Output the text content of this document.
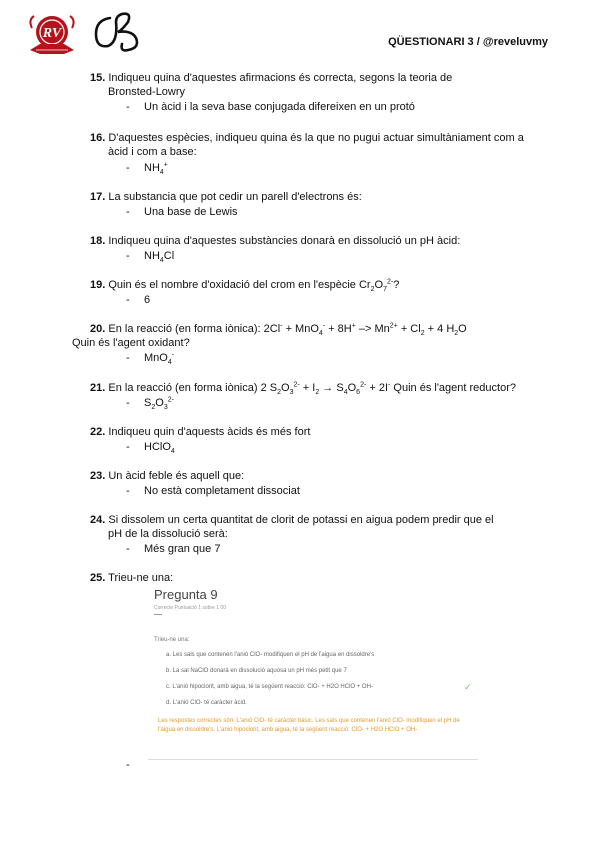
RV
QÜESTIONARI 3 / @reveluvmy
15. Indiqueu quina d'aquestes afirmacions és correcta, segons la teoria de
Bronsted-Lowry
- Un àcid i la seva base conjugada difereixen en un protó
16. D'aquestes espècies, indiqueu quina és la que no pugui actuar simultàniament com a
àcid i com a base:
- $NH_4^+$
17. La substancia que pot cedir un parell d'electrons és:
- Una base de Lewis
18. Indiqueu quina d'aquestes substàncies donarà en dissolució un pH àcid:
- $NH_4Cl$
19. Quin és el nombre d'oxidació del crom en l'espècie $Cr_2O_7^{2-}$?
- 6
20. En la reacció (en forma iònica): $2Cl^- + MnO_4^- + 8H^+ -> Mn^{2+} + Cl_2 + 4$ $H_2O$
Quin és l'agent oxidant?
- MnO$_4$-
21. En la reacció (en forma iònica) 2 $S_2O_3^{2-} + I_2 \to S_4O_6^{2-} + 2I^-$ Quin és l'agent reductor?
- $S_2O_3^{2-}$
22. Indiqueu quin d'aquests àcids és més fort
- HClO$_4$
23. Un àcid feble és aquell que:
- No està completament dissociat
24. Si dissolem un certa quantitat de clorit de potassi en aigua podem predir que el
pH de la dissolució serà:
- Més gran que 7
25. Trieu-ne una:
Pregunta 9
Correcte Puntuació 1 sobre 1 00
Trieu-ne una:
a. Les sals que contenen l'anió ClO- modifiquen el pH de l'aigua en dissoldre's
b. La sal NaClO donarà en dissolució aquosa un pH més petit que 7
c. L'anió hipoclorit, amb aigua, té la següent reacció: ClO- + H2O HClO + OH-
d. L'anió ClO- té caràcter àcid.
✓
Les respostes correctes són: L'anió ClO- té caràcter bàsic. Les sals que contenen l'anió ClO- modifiquen el pH de l'aigua en dissoldre's. L'anió hipoclorit, amb aigua, té la següent reacció: ClO- + H2O HClO + OH-
-
